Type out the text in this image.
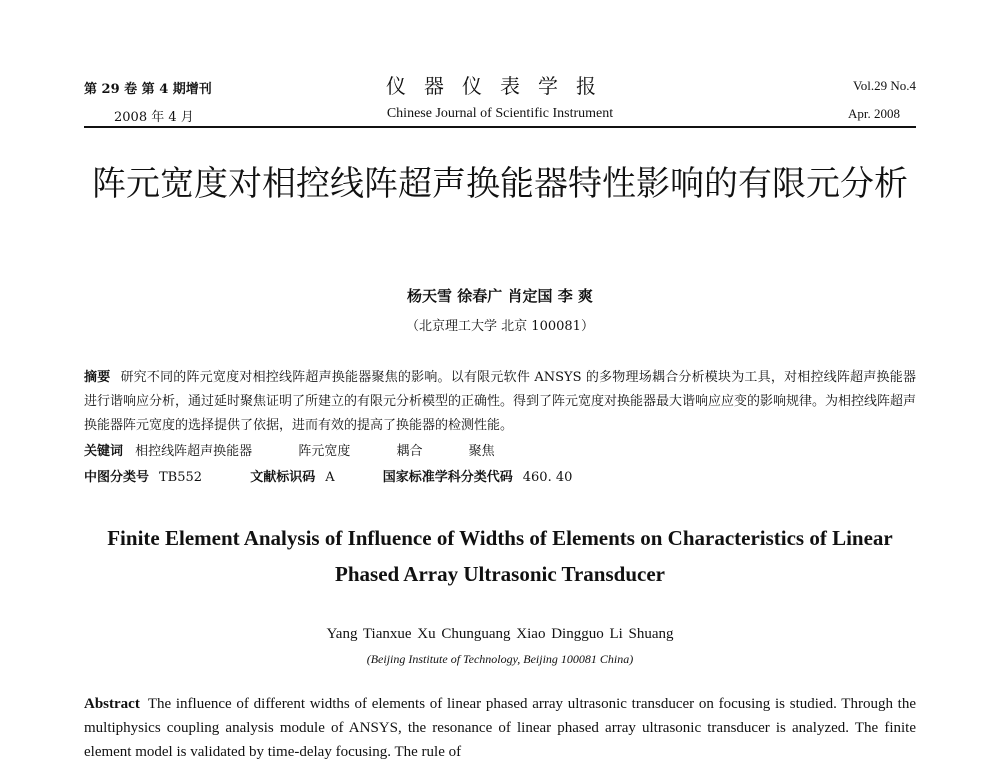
第 29 卷 第 4 期增刊
2008 年 4 月
仪器仪表学报
Chinese Journal of Scientific Instrument
Vol.29 No.4
Apr. 2008
阵元宽度对相控线阵超声换能器特性影响的有限元分析
杨天雪 徐春广 肖定国 李 爽
（北京理工大学 北京 100081）
摘要 研究不同的阵元宽度对相控线阵超声换能器聚焦的影响。以有限元软件 ANSYS 的多物理场耦合分析模块为工具，对相控线阵超声换能器进行谐响应分析，通过延时聚焦证明了所建立的有限元分析模型的正确性。得到了阵元宽度对换能器最大谐响应应变的影响规律。为相控线阵超声换能器阵元宽度的选择提供了依据，进而有效的提高了换能器的检测性能。
关键词 相控线阵超声换能器	阵元宽度	耦合	聚焦
中图分类号 TB552	文献标识码 A	国家标准学科分类代码 460. 40
Finite Element Analysis of Influence of Widths of Elements on Characteristics of Linear Phased Array Ultrasonic Transducer
Yang Tianxue Xu Chunguang Xiao Dingguo Li Shuang
(Beijing Institute of Technology, Beijing 100081 China)
Abstract The influence of different widths of elements of linear phased array ultrasonic transducer on focusing is studied. Through the multiphysics coupling analysis module of ANSYS, the resonance of linear phased array ultrasonic transducer is analyzed. The finite element model is validated by time-delay focusing. The rule of
